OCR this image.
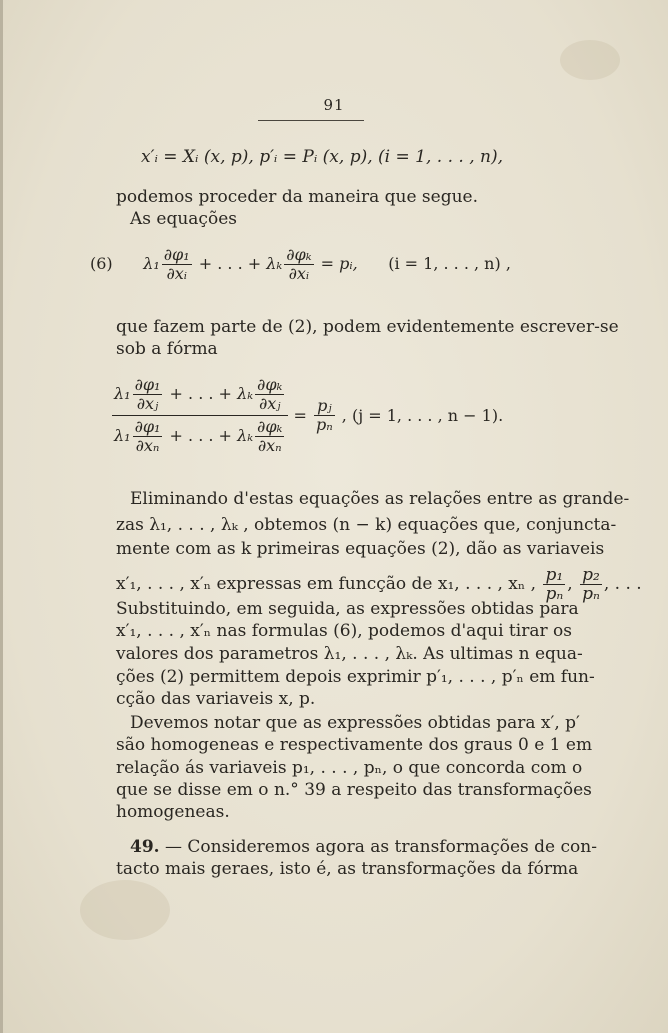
91
x′ᵢ = Xᵢ (x, p), p′ᵢ = Pᵢ (x, p), (i = 1, . . . , n),
podemos proceder da maneira que segue.
As equações
(6) $\lambda_1 \frac{\text{∂φ₁}}{\text{∂xᵢ}}$ + . . . + λₖ $\frac{\text{∂φₖ}}{\text{∂xᵢ}}$ = pᵢ, (i = 1, . . . , n) ,
que fazem parte de (2), podem evidentemente escrever-se
sob a fórma
$\frac{\lambda_1 \frac{\text{∂φ₁}}{\text{∂xⱼ}} + . . . + \lambda_k \frac{\text{∂φₖ}}{\text{∂xⱼ}}}{\lambda_1 \frac{\text{∂φ₁}}{\text{∂xₙ}} + . . . + \lambda_k \frac{\text{∂φₖ}}{\text{∂xₙ}}} = \frac{\text{pⱼ}}{\text{pₙ}}$ , (j = 1, . . . , n − 1).
Eliminando d'estas equações as relações entre as grande-
zas λ₁, . . . , λₖ , obtemos (n − k) equações que, conjuncta-
mente com as k primeiras equações (2), dão as variaveis
x′₁, . . . , x′ₙ expressas em funcção de x₁, . . . , xₙ , $\frac{\text{p₁}}{\text{pₙ}}$ , $\frac{\text{p₂}}{\text{pₙ}}$ , . . .
Substituindo, em seguida, as expressões obtidas para
x′₁, . . . , x′ₙ nas formulas (6), podemos d'aqui tirar os
valores dos parametros λ₁, . . . , λₖ. As ultimas n equa-
ções (2) permittem depois exprimir p′₁, . . . , p′ₙ em fun-
cção das variaveis x, p.
Devemos notar que as expressões obtidas para x′, p′
são homogeneas e respectivamente dos graus 0 e 1 em
relação ás variaveis p₁, . . . , pₙ, o que concorda com o
que se disse em o n.° 39 a respeito das transformações
homogeneas.
49. — Consideremos agora as transformações de con-
tacto mais geraes, isto é, as transformações da fórma
